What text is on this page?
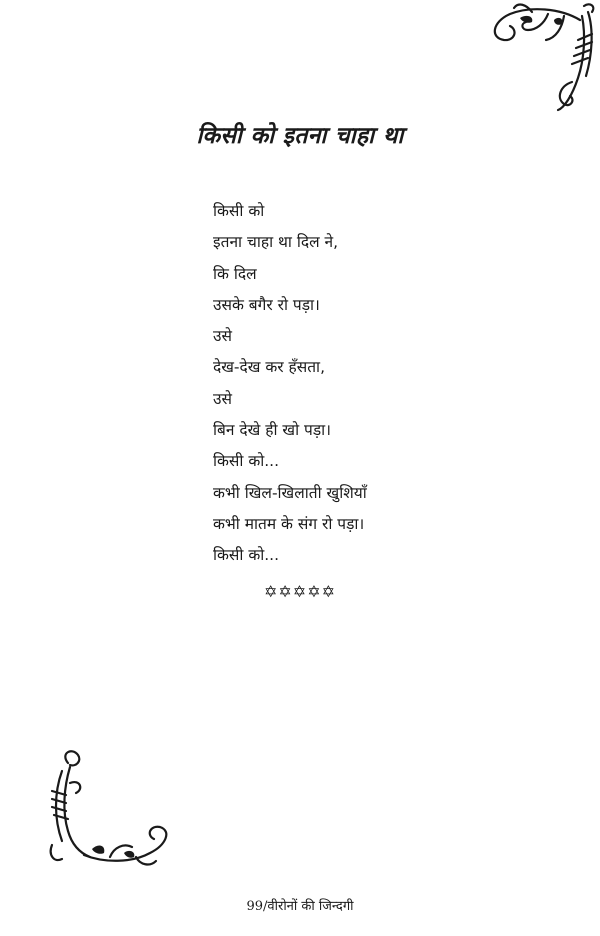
किसी को इतना चाहा था
किसी को
इतना चाहा था दिल ने,
कि दिल
उसके बगैर रो पड़ा।
उसे
देख-देख कर हँसता,
उसे
बिन देखे ही खो पड़ा।
किसी को...
कभी खिल-खिलाती खुशियाँ
कभी मातम के संग रो पड़ा।
किसी को...
✡✡✡✡✡
99/वीरोनों की जिन्दगी
